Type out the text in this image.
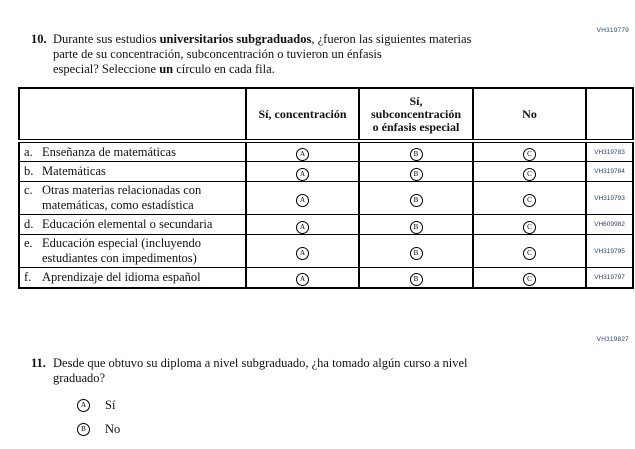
VH319779
10. Durante sus estudios universitarios subgraduados, ¿fueron las siguientes materias
parte de su concentración, subconcentración o tuvieron un énfasis
especial? Seleccione un círculo en cada fila.
	Sí, concentración	Sí,
subconcentración
o énfasis especial	No	
a. Enseñanza de matemáticas	A	B	C	VH319783
b. Matemáticas	A	B	C	VH319784
c. Otras materias relacionadas con
matemáticas, como estadística	A	B	C	VH319793
d. Educación elemental o secundaria	A	B	C	VH609982
e. Educación especial (incluyendo
estudiantes con impedimentos)	A	B	C	VH319795
f. Aprendizaje del idioma español	A	B	C	VH319797
VH319827
11. Desde que obtuvo su diploma a nivel subgraduado, ¿ha tomado algún curso a nivel
graduado?
A	Sí
B	No
